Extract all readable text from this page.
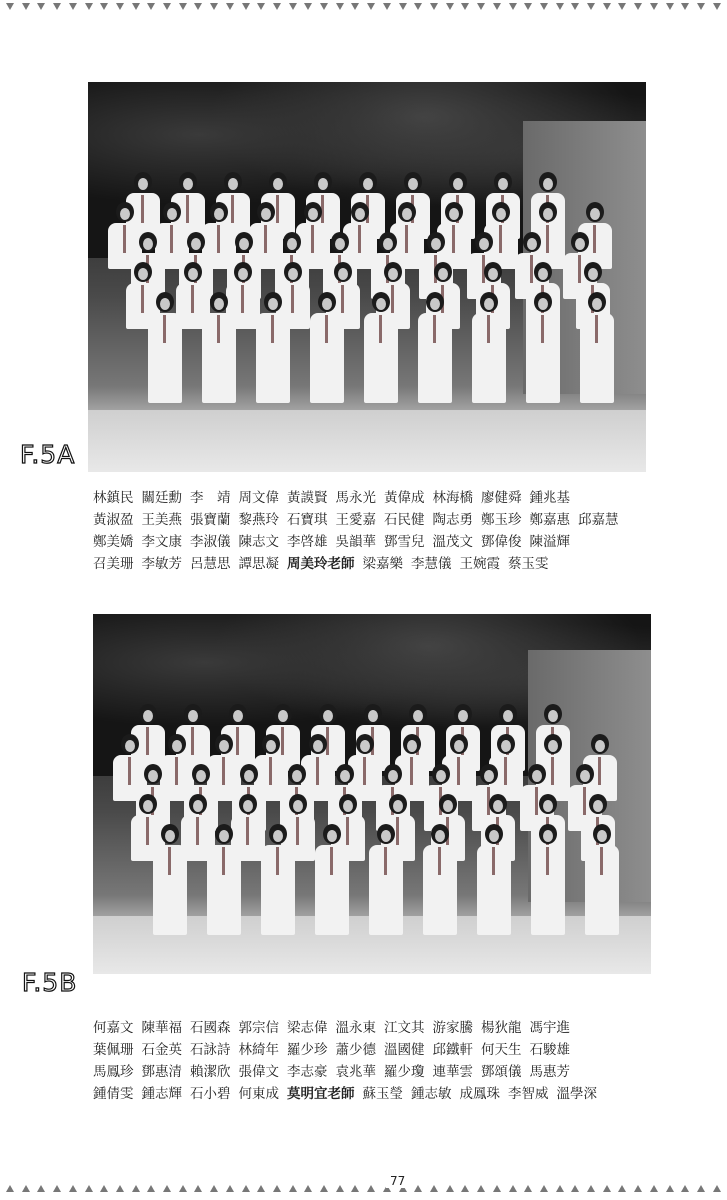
F.5A
林鎮民 關廷勳 李　靖 周文偉 黃謨賢 馬永光 黃偉成 林海橋 廖健舜 鍾兆基
黃淑盈 王美燕 張寶蘭 黎燕玲 石寶琪 王愛嘉 石民健 陶志勇 鄭玉珍 鄭嘉惠 邱嘉慧
鄭美嬌 李文康 李淑儀 陳志文 李啓雄 吳韻華 鄧雪兒 溫茂文 鄧偉俊 陳溢輝
召美珊 李敏芳 呂慧思 譚思凝 周美玲老師 梁嘉樂 李慧儀 王婉霞 蔡玉雯
F.5B
何嘉文 陳華福 石國森 郭宗信 梁志偉 溫永東 江文其 游家騰 楊狄龍 馮宇進
葉佩珊 石金英 石詠詩 林綺年 羅少珍 蕭少德 溫國健 邱鐵軒 何天生 石駿雄
馬鳳珍 鄧惠清 賴潔欣 張偉文 李志豪 袁兆華 羅少瓊 連華雲 鄧頌儀 馬惠芳
鍾倩雯 鍾志輝 石小碧 何東成 莫明宜老師 蘇玉瑩 鍾志敏 成鳳珠 李智威 溫學深
77
